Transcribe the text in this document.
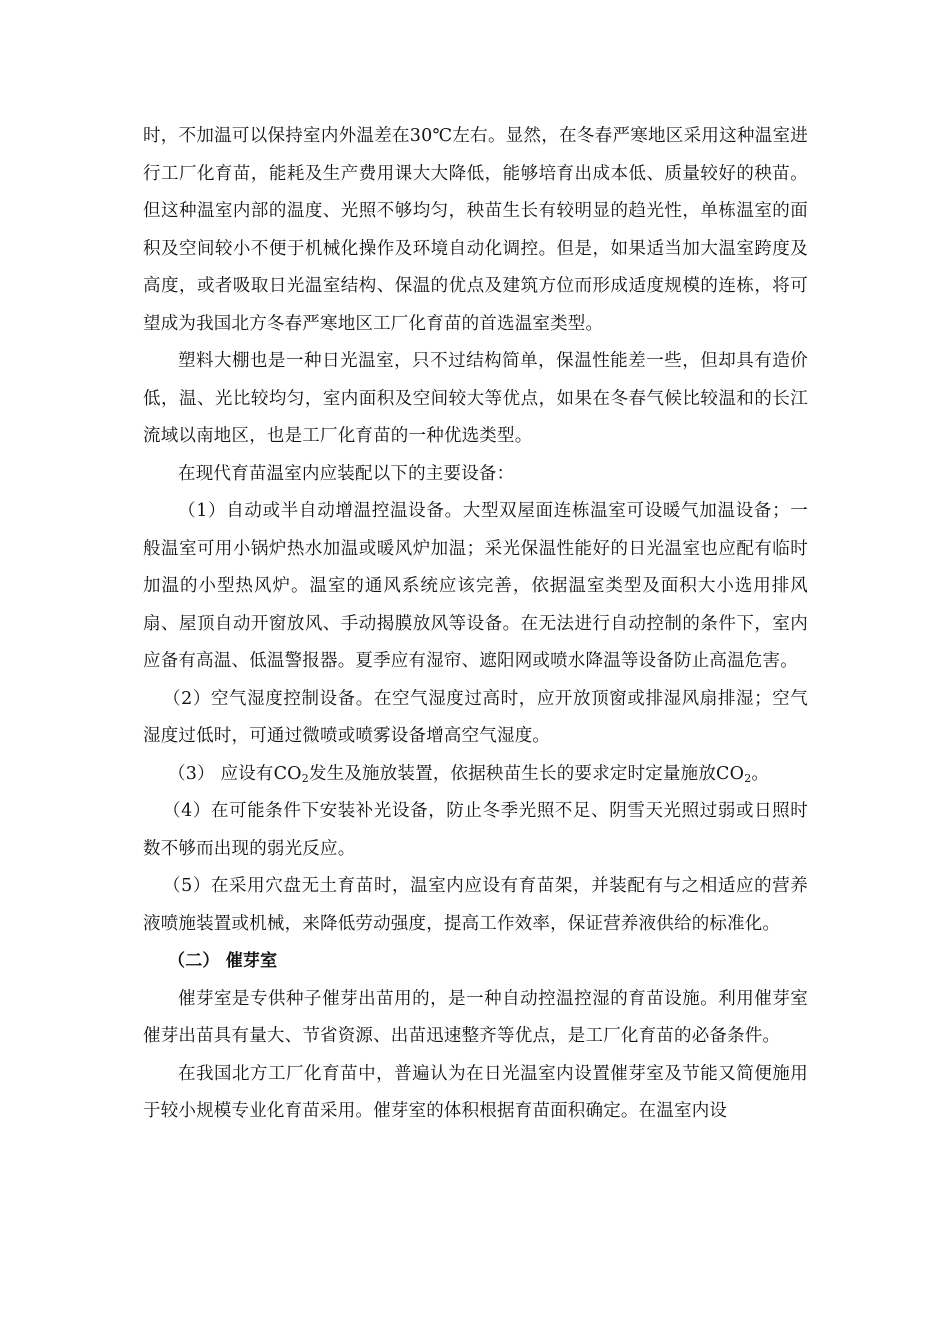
时，不加温可以保持室内外温差在30℃左右。显然，在冬春严寒地区采用这种温室进行工厂化育苗，能耗及生产费用课大大降低，能够培育出成本低、质量较好的秧苗。但这种温室内部的温度、光照不够均匀，秧苗生长有较明显的趋光性，单栋温室的面积及空间较小不便于机械化操作及环境自动化调控。但是，如果适当加大温室跨度及高度，或者吸取日光温室结构、保温的优点及建筑方位而形成适度规模的连栋，将可望成为我国北方冬春严寒地区工厂化育苗的首选温室类型。

塑料大棚也是一种日光温室，只不过结构简单，保温性能差一些，但却具有造价低，温、光比较均匀，室内面积及空间较大等优点，如果在冬春气候比较温和的长江流域以南地区，也是工厂化育苗的一种优选类型。

在现代育苗温室内应装配以下的主要设备：

（1）自动或半自动增温控温设备。大型双屋面连栋温室可设暖气加温设备；一般温室可用小锅炉热水加温或暖风炉加温；采光保温性能好的日光温室也应配有临时加温的小型热风炉。温室的通风系统应该完善，依据温室类型及面积大小选用排风扇、屋顶自动开窗放风、手动揭膜放风等设备。在无法进行自动控制的条件下，室内应备有高温、低温警报器。夏季应有湿帘、遮阳网或喷水降温等设备防止高温危害。

（2）空气湿度控制设备。在空气湿度过高时，应开放顶窗或排湿风扇排湿；空气湿度过低时，可通过微喷或喷雾设备增高空气湿度。

（3） 应设有$CO_2$发生及施放装置，依据秧苗生长的要求定时定量施放$CO_2$。

（4）在可能条件下安装补光设备，防止冬季光照不足、阴雪天光照过弱或日照时数不够而出现的弱光反应。

（5）在采用穴盘无土育苗时，温室内应设有育苗架，并装配有与之相适应的营养液喷施装置或机械，来降低劳动强度，提高工作效率，保证营养液供给的标准化。

（二） 催芽室

催芽室是专供种子催芽出苗用的，是一种自动控温控湿的育苗设施。利用催芽室催芽出苗具有量大、节省资源、出苗迅速整齐等优点，是工厂化育苗的必备条件。

在我国北方工厂化育苗中，普遍认为在日光温室内设置催芽室及节能又简便施用于较小规模专业化育苗采用。催芽室的体积根据育苗面积确定。在温室内设
